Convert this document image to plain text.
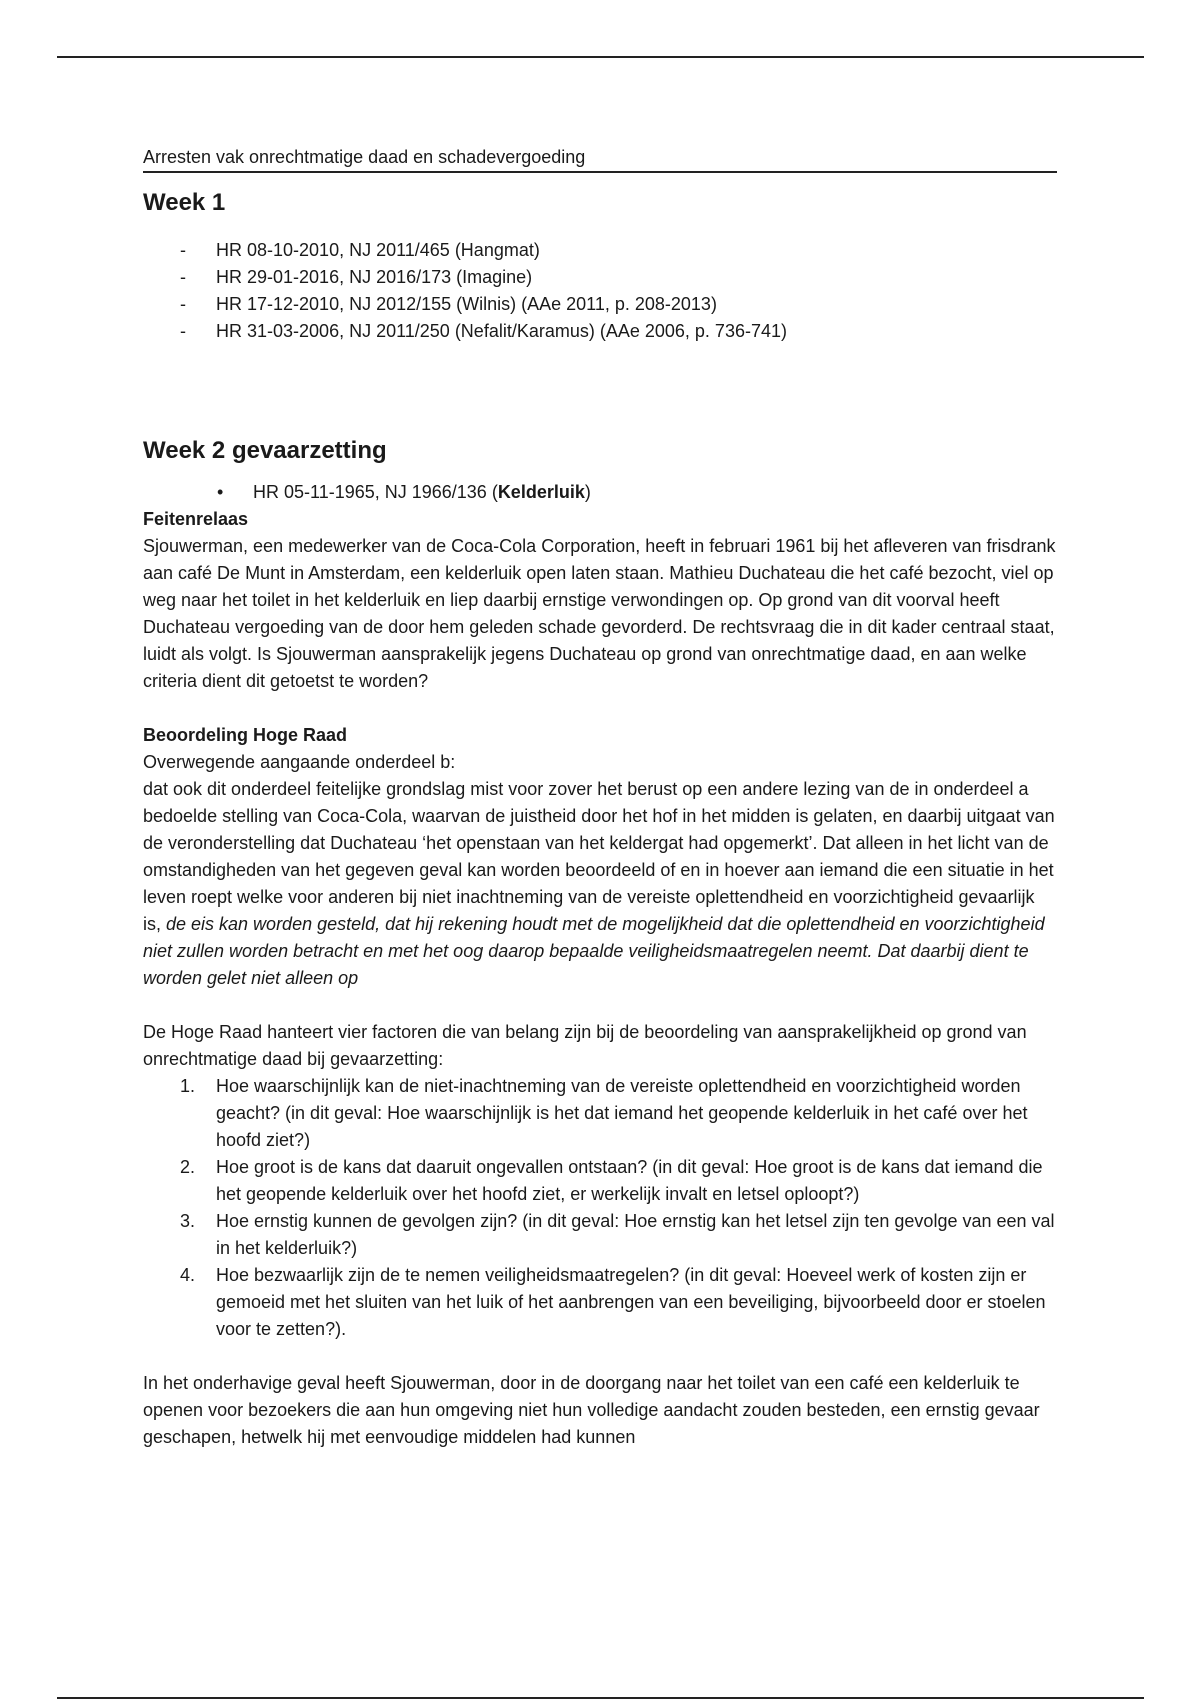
Arresten vak onrechtmatige daad en schadevergoeding

Week 1
- HR 08-10-2010, NJ 2011/465 (Hangmat)
- HR 29-01-2016, NJ 2016/173 (Imagine)
- HR 17-12-2010, NJ 2012/155 (Wilnis) (AAe 2011, p. 208-2013)
- HR 31-03-2006, NJ 2011/250 (Nefalit/Karamus) (AAe 2006, p. 736-741)
Week 2 gevaarzetting
• HR 05-11-1965, NJ 1966/136 (Kelderluik)

Feitenrelaas

Sjouwerman, een medewerker van de Coca-Cola Corporation, heeft in februari 1961 bij het afleveren van frisdrank aan café De Munt in Amsterdam, een kelderluik open laten staan. Mathieu Duchateau die het café bezocht, viel op weg naar het toilet in het kelderluik en liep daarbij ernstige verwondingen op. Op grond van dit voorval heeft Duchateau vergoeding van de door hem geleden schade gevorderd. De rechtsvraag die in dit kader centraal staat, luidt als volgt. Is Sjouwerman aansprakelijk jegens Duchateau op grond van onrechtmatige daad, en aan welke criteria dient dit getoetst te worden?

Beoordeling Hoge Raad

Overwegende aangaande onderdeel b:

dat ook dit onderdeel feitelijke grondslag mist voor zover het berust op een andere lezing van de in onderdeel a bedoelde stelling van Coca-Cola, waarvan de juistheid door het hof in het midden is gelaten, en daarbij uitgaat van de veronderstelling dat Duchateau ‘het openstaan van het keldergat had opgemerkt’. Dat alleen in het licht van de omstandigheden van het gegeven geval kan worden beoordeeld of en in hoever aan iemand die een situatie in het leven roept welke voor anderen bij niet inachtneming van de vereiste oplettendheid en voorzichtigheid gevaarlijk is, de eis kan worden gesteld, dat hij rekening houdt met de mogelijkheid dat die oplettendheid en voorzichtigheid niet zullen worden betracht en met het oog daarop bepaalde veiligheidsmaatregelen neemt. Dat daarbij dient te worden gelet niet alleen op

De Hoge Raad hanteert vier factoren die van belang zijn bij de beoordeling van aansprakelijkheid op grond van onrechtmatige daad bij gevaarzetting:

1. Hoe waarschijnlijk kan de niet-inachtneming van de vereiste oplettendheid en voorzichtigheid worden geacht? (in dit geval: Hoe waarschijnlijk is het dat iemand het geopende kelderluik in het café over het hoofd ziet?)
2. Hoe groot is de kans dat daaruit ongevallen ontstaan? (in dit geval: Hoe groot is de kans dat iemand die het geopende kelderluik over het hoofd ziet, er werkelijk invalt en letsel oploopt?)
3. Hoe ernstig kunnen de gevolgen zijn? (in dit geval: Hoe ernstig kan het letsel zijn ten gevolge van een val in het kelderluik?)
4. Hoe bezwaarlijk zijn de te nemen veiligheidsmaatregelen? (in dit geval: Hoeveel werk of kosten zijn er gemoeid met het sluiten van het luik of het aanbrengen van een beveiliging, bijvoorbeeld door er stoelen voor te zetten?).

In het onderhavige geval heeft Sjouwerman, door in de doorgang naar het toilet van een café een kelderluik te openen voor bezoekers die aan hun omgeving niet hun volledige aandacht zouden besteden, een ernstig gevaar geschapen, hetwelk hij met eenvoudige middelen had kunnen
